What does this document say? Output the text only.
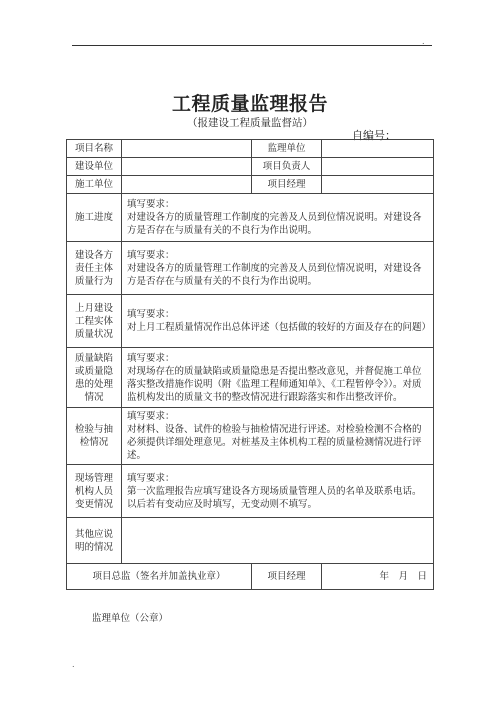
.
工程质量监理报告
（报建设工程质量监督站）
自编号：
项目名称		监理单位	
建设单位		项目负责人	
施工单位		项目经理	
施工进度	填写要求：
对建设各方的质量管理工作制度的完善及人员到位情况说明。对建设各方是否存在与质量有关的不良行为作出说明。		

建设各方责任主体质量行为	填写要求：
对建设各方的质量管理工作制度的完善及人员到位情况说明，对建设各方是否存在与质量有关的不良行为作出说明。		

上月建设工程实体质量状况	填写要求：
对上月工程质量情况作出总体评述（包括做的较好的方面及存在的问题）		

质量缺陷或质量隐患的处理情况	填写要求：
对现场存在的质量缺陷或质量隐患是否提出整改意见，并督促施工单位落实整改措施作说明（附《监理工程师通知单》、《工程暂停令》）。对质监机构发出的质量文书的整改情况进行跟踪落实和作出整改评价。		

检验与抽检情况	填写要求：
对材料、设备、试件的检验与抽检情况进行评述。对检验检测不合格的必须提供详细处理意见。对桩基及主体机构工程的质量检测情况进行评述。		

现场管理机构人员变更情况	填写要求：
第一次监理报告应填写建设各方现场质量管理人员的名单及联系电话。以后若有变动应及时填写，无变动则不填写。		

其他应说明的情况			
项目总监（签名并加盖执业章）		项目经理	年　月　日
监理单位（公章）
.
